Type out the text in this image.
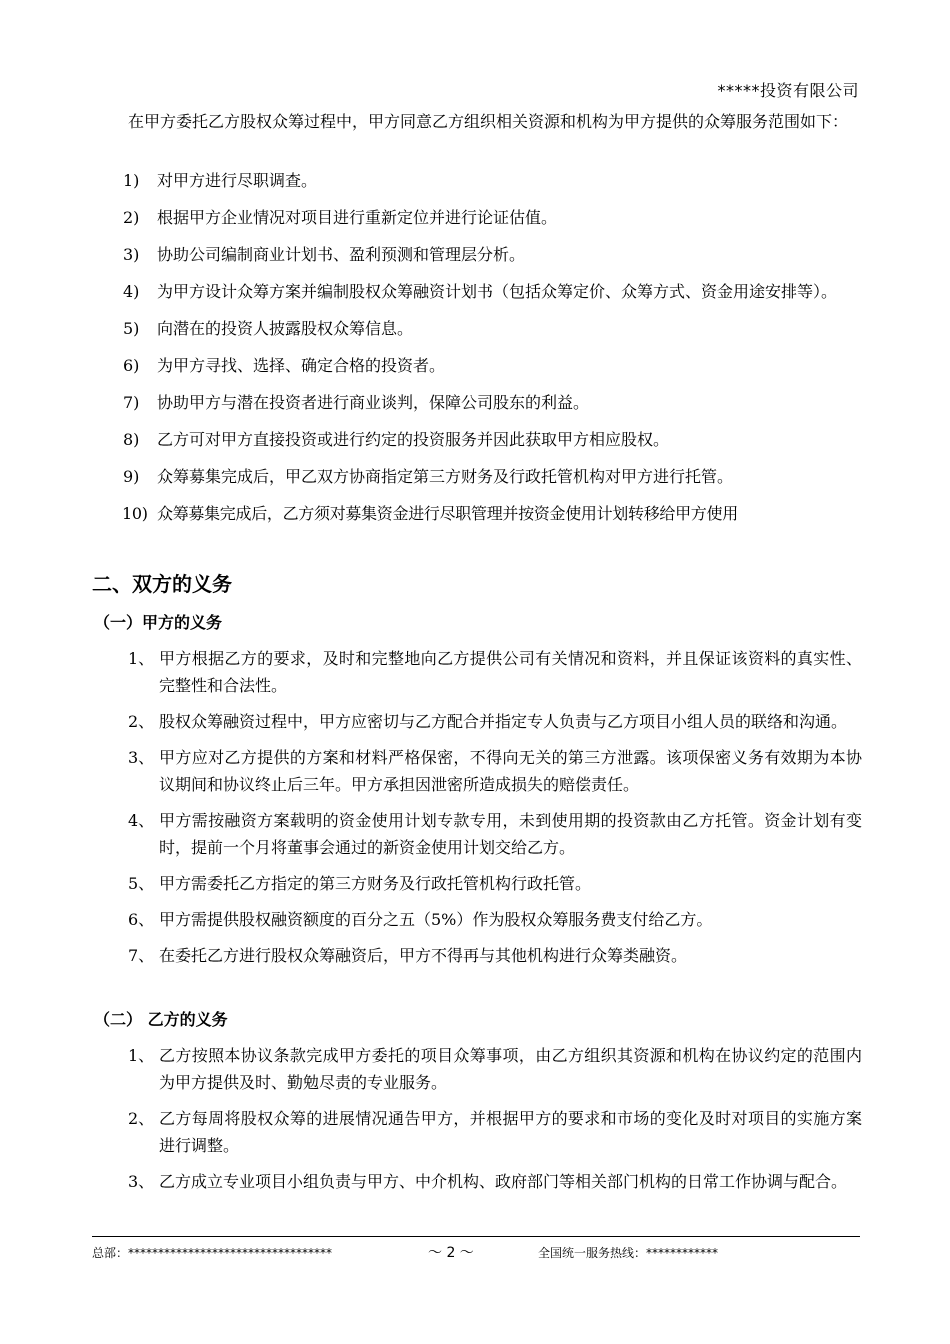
*****投资有限公司

在甲方委托乙方股权众筹过程中，甲方同意乙方组织相关资源和机构为甲方提供的众筹服务范围如下：

1) 对甲方进行尽职调查。
2) 根据甲方企业情况对项目进行重新定位并进行论证估值。
3) 协助公司编制商业计划书、盈利预测和管理层分析。
4) 为甲方设计众筹方案并编制股权众筹融资计划书（包括众筹定价、众筹方式、资金用途安排等）。
5) 向潜在的投资人披露股权众筹信息。
6) 为甲方寻找、选择、确定合格的投资者。
7) 协助甲方与潜在投资者进行商业谈判，保障公司股东的利益。
8) 乙方可对甲方直接投资或进行约定的投资服务并因此获取甲方相应股权。
9) 众筹募集完成后，甲乙双方协商指定第三方财务及行政托管机构对甲方进行托管。
10) 众筹募集完成后，乙方须对募集资金进行尽职管理并按资金使用计划转移给甲方使用
二、双方的义务
（一）甲方的义务
1、 甲方根据乙方的要求，及时和完整地向乙方提供公司有关情况和资料，并且保证该资料的真实性、完整性和合法性。
2、 股权众筹融资过程中，甲方应密切与乙方配合并指定专人负责与乙方项目小组人员的联络和沟通。
3、 甲方应对乙方提供的方案和材料严格保密，不得向无关的第三方泄露。该项保密义务有效期为本协议期间和协议终止后三年。甲方承担因泄密所造成损失的赔偿责任。
4、 甲方需按融资方案载明的资金使用计划专款专用，未到使用期的投资款由乙方托管。资金计划有变时，提前一个月将董事会通过的新资金使用计划交给乙方。
5、 甲方需委托乙方指定的第三方财务及行政托管机构行政托管。
6、 甲方需提供股权融资额度的百分之五（5%）作为股权众筹服务费支付给乙方。
7、 在委托乙方进行股权众筹融资后，甲方不得再与其他机构进行众筹类融资。
（二） 乙方的义务
1、 乙方按照本协议条款完成甲方委托的项目众筹事项，由乙方组织其资源和机构在协议约定的范围内为甲方提供及时、勤勉尽责的专业服务。
2、 乙方每周将股权众筹的进展情况通告甲方，并根据甲方的要求和市场的变化及时对项目的实施方案进行调整。
3、 乙方成立专业项目小组负责与甲方、中介机构、政府部门等相关部门机构的日常工作协调与配合。
总部：**********************************	～ 2 ～	全国统一服务热线：************
